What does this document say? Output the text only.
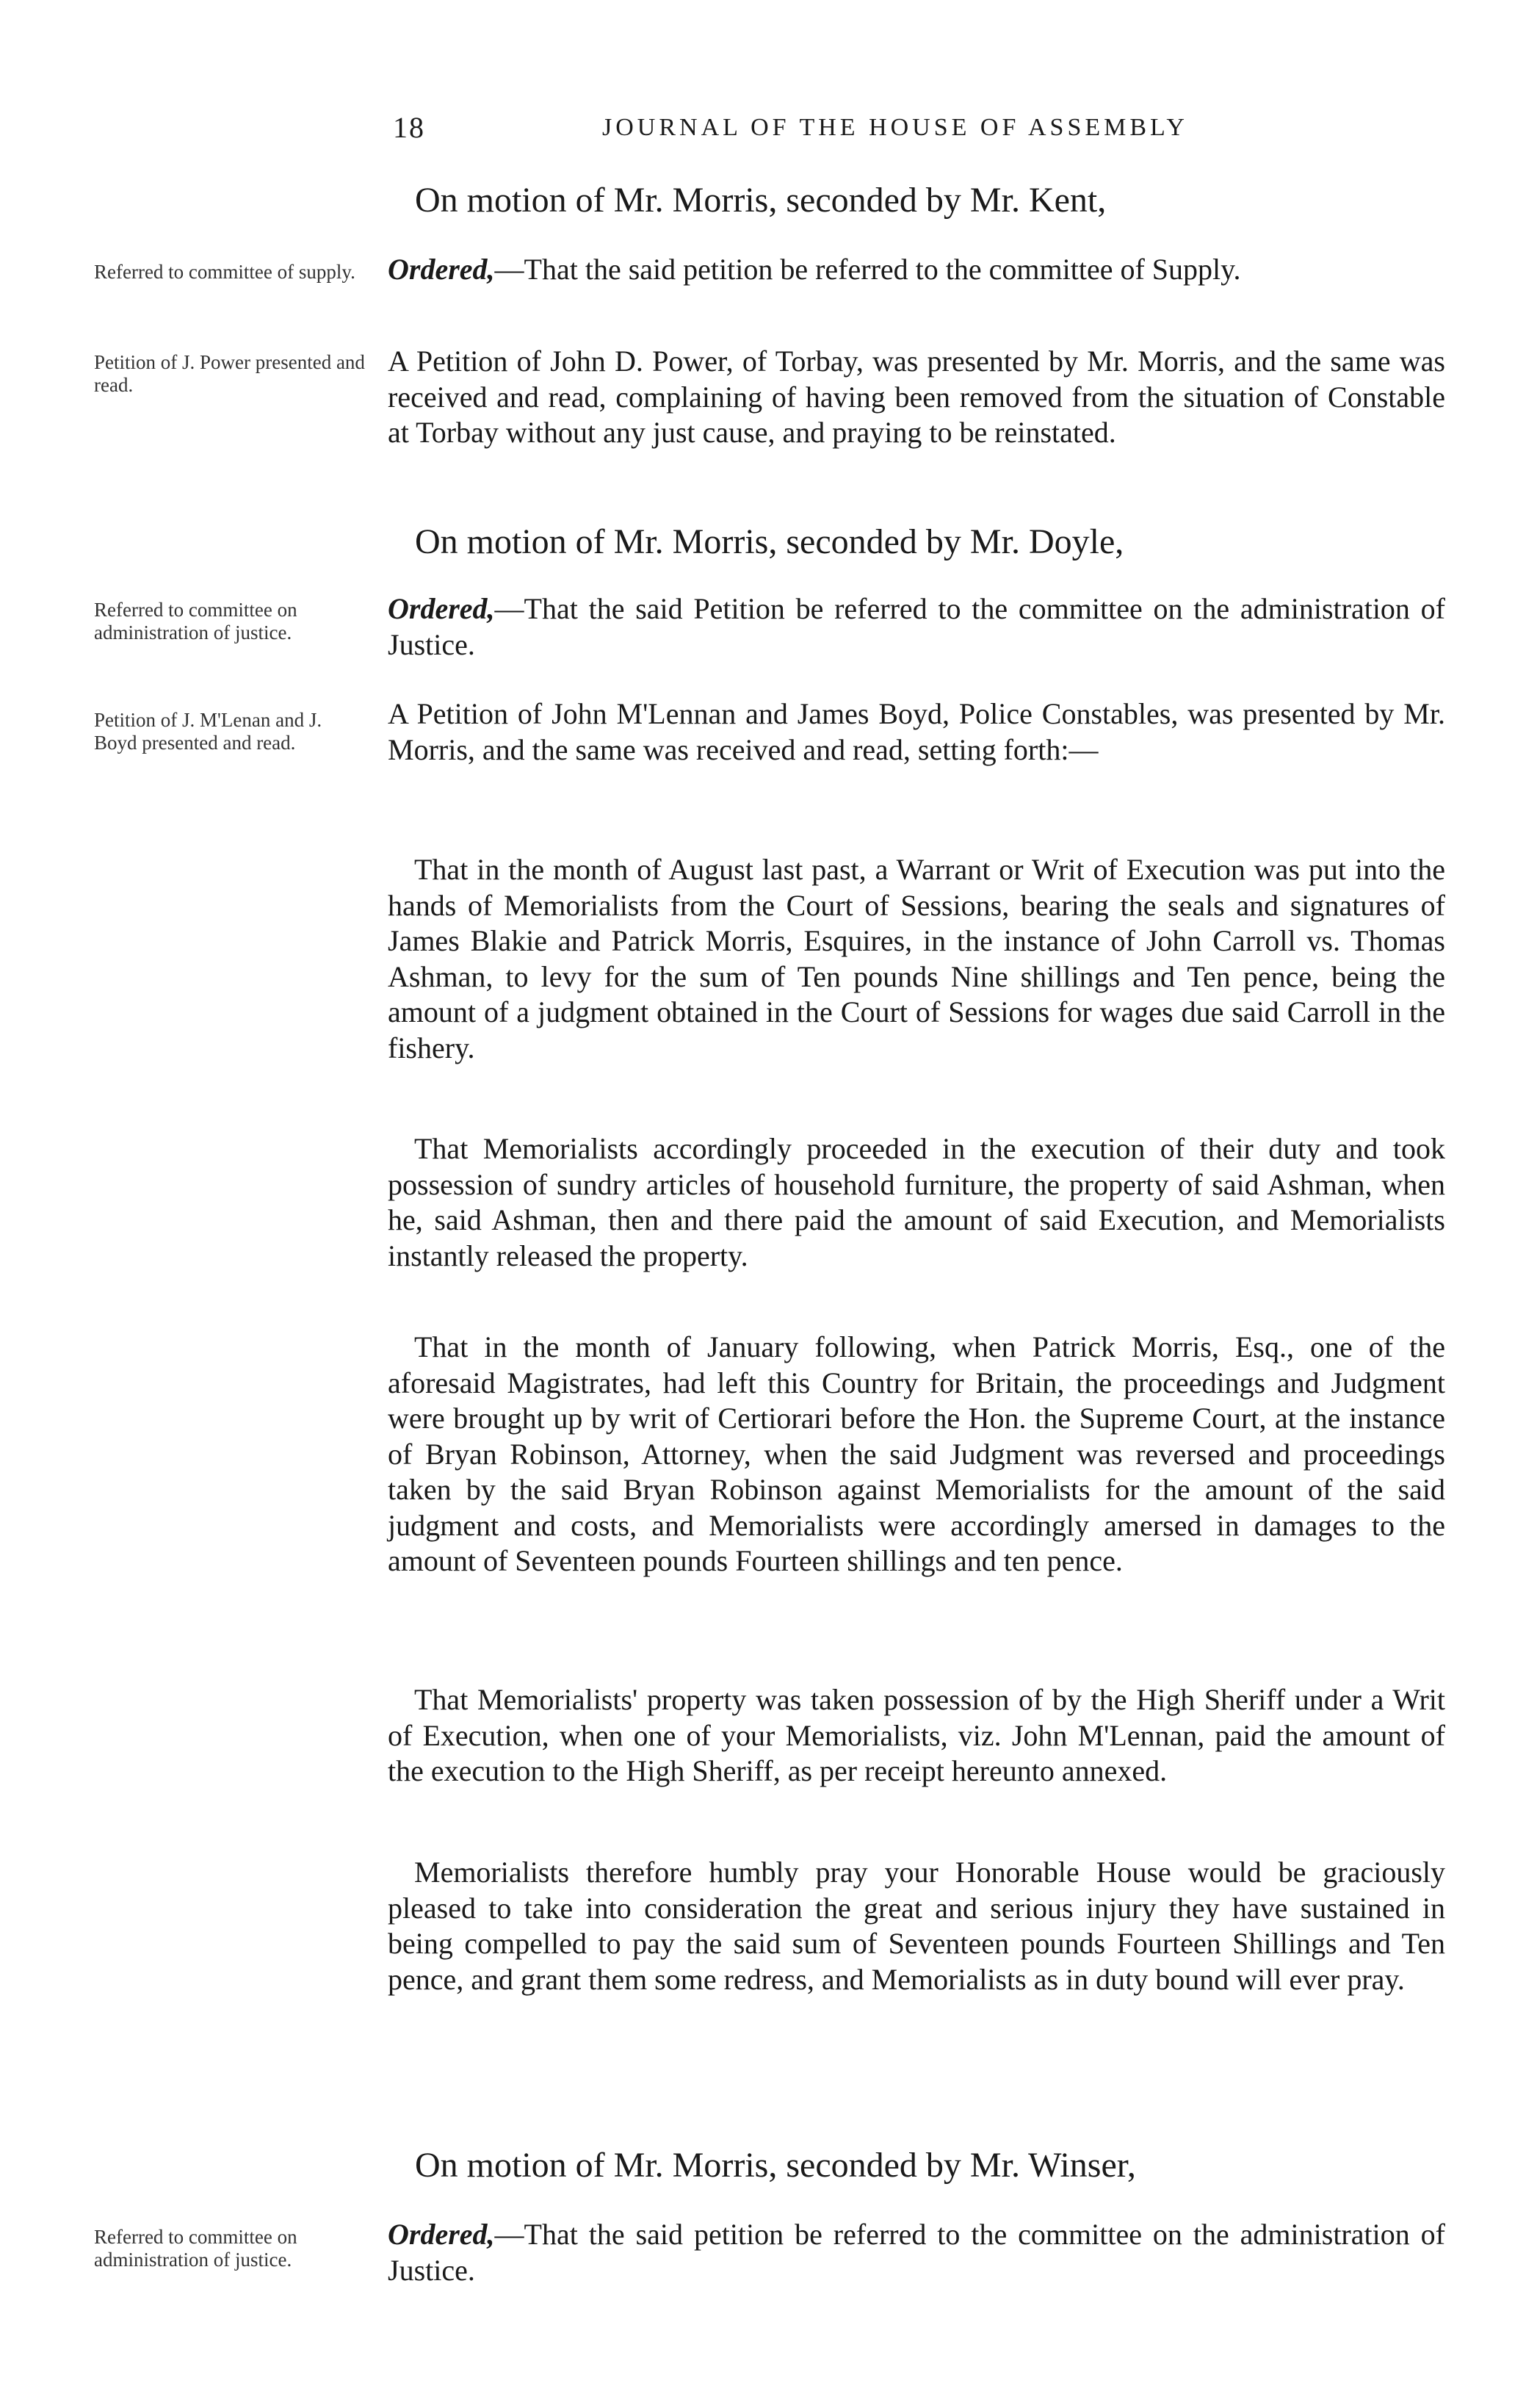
18	JOURNAL OF THE HOUSE OF ASSEMBLY
Referred to committee of supply.
Petition of J. Power presented and read.
Referred to committee on administration of justice.
Petition of J. M'Lenan and J. Boyd presented and read.
Referred to committee on administration of justice.
On motion of Mr. Morris, seconded by Mr. Kent,

Ordered,—That the said petition be referred to the committee of Supply.

A Petition of John D. Power, of Torbay, was presented by Mr. Morris, and the same was received and read, complaining of having been removed from the situation of Constable at Torbay without any just cause, and praying to be reinstated.

On motion of Mr. Morris, seconded by Mr. Doyle,

Ordered,—That the said Petition be referred to the committee on the administration of Justice.

A Petition of John M'Lennan and James Boyd, Police Constables, was presented by Mr. Morris, and the same was received and read, setting forth:—

That in the month of August last past, a Warrant or Writ of Execution was put into the hands of Memorialists from the Court of Sessions, bearing the seals and signatures of James Blakie and Patrick Morris, Esquires, in the instance of John Carroll vs. Thomas Ashman, to levy for the sum of Ten pounds Nine shillings and Ten pence, being the amount of a judgment obtained in the Court of Sessions for wages due said Carroll in the fishery.

That Memorialists accordingly proceeded in the execution of their duty and took possession of sundry articles of household furniture, the property of said Ashman, when he, said Ashman, then and there paid the amount of said Execution, and Memorialists instantly released the property.

That in the month of January following, when Patrick Morris, Esq., one of the aforesaid Magistrates, had left this Country for Britain, the proceedings and Judgment were brought up by writ of Certiorari before the Hon. the Supreme Court, at the instance of Bryan Robinson, Attorney, when the said Judgment was reversed and proceedings taken by the said Bryan Robinson against Memorialists for the amount of the said judgment and costs, and Memorialists were accordingly amersed in damages to the amount of Seventeen pounds Fourteen shillings and ten pence.

That Memorialists' property was taken possession of by the High Sheriff under a Writ of Execution, when one of your Memorialists, viz. John M'Lennan, paid the amount of the execution to the High Sheriff, as per receipt hereunto annexed.

Memorialists therefore humbly pray your Honorable House would be graciously pleased to take into consideration the great and serious injury they have sustained in being compelled to pay the said sum of Seventeen pounds Fourteen Shillings and Ten pence, and grant them some redress, and Memorialists as in duty bound will ever pray.

On motion of Mr. Morris, seconded by Mr. Winser,

Ordered,—That the said petition be referred to the committee on the administration of Justice.
